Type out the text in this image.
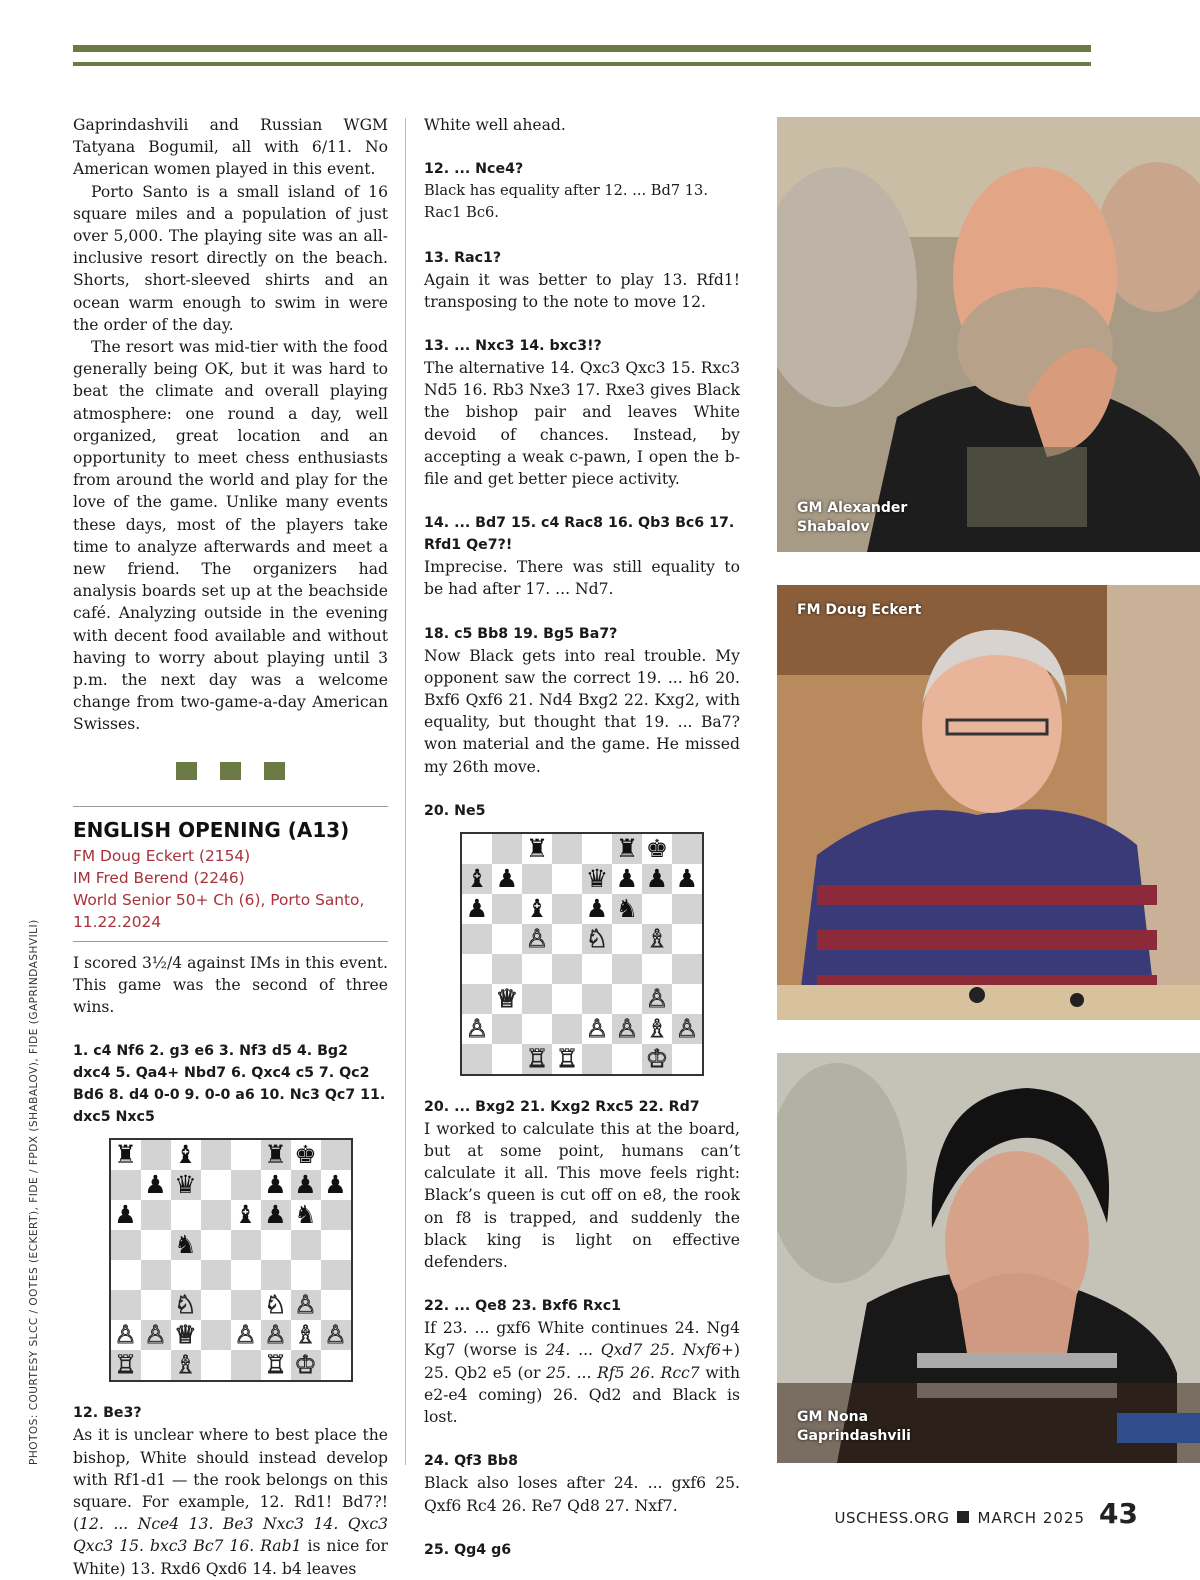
Gaprindashvili and Russian WGM Tatyana Bogumil, all with 6/11. No American women played in this event.

Porto Santo is a small island of 16 square miles and a population of just over 5,000. The playing site was an all-inclusive resort directly on the beach. Shorts, short-sleeved shirts and an ocean warm enough to swim in were the order of the day.

The resort was mid-tier with the food generally being OK, but it was hard to beat the climate and overall playing atmosphere: one round a day, well organized, great location and an opportunity to meet chess enthusiasts from around the world and play for the love of the game. Unlike many events these days, most of the players take time to analyze afterwards and meet a new friend. The organizers had analysis boards set up at the beachside café. Analyzing outside in the evening with decent food available and without having to worry about playing until 3 p.m. the next day was a welcome change from two-game-a-day American Swisses.

ENGLISH OPENING (A13)
FM Doug Eckert (2154)
IM Fred Berend (2246)
World Senior 50+ Ch (6), Porto Santo, 11.22.2024

I scored 3½/4 against IMs in this event. This game was the second of three wins.

1. c4 Nf6 2. g3 e6 3. Nf3 d5 4. Bg2 dxc4 5. Qa4+ Nbd7 6. Qxc4 c5 7. Qc2 Bd6 8. d4 0-0 9. 0-0 a6 10. Nc3 Qc7 11. dxc5 Nxc5

♜ ♝	♜ ♚
♟ ♛	♟ ♟ ♟
♟	♝ ♟ ♞
♞
♘	♘ ♙
♙ ♙ ♕ ♙ ♙ ♗ ♙
♖ ♗	♖ ♔

12. Be3?

As it is unclear where to best place the bishop, White should instead develop with Rf1-d1 — the rook belongs on this square. For example, 12. Rd1! Bd7?! (12. ... Nce4 13. Be3 Nxc3 14. Qxc3 Qxc3 15. bxc3 Bc7 16. Rab1 is nice for White) 13. Rxd6 Qxd6 14. b4 leaves

White well ahead.

12. ... Nce4?

Black has equality after 12. ... Bd7 13. Rac1 Bc6.

13. Rac1?

Again it was better to play 13. Rfd1! transposing to the note to move 12.

13. ... Nxc3 14. bxc3!?

The alternative 14. Qxc3 Qxc3 15. Rxc3 Nd5 16. Rb3 Nxe3 17. Rxe3 gives Black the bishop pair and leaves White devoid of chances. Instead, by accepting a weak c-pawn, I open the b-file and get better piece activity.

14. ... Bd7 15. c4 Rac8 16. Qb3 Bc6 17. Rfd1 Qe7?!

Imprecise. There was still equality to be had after 17. ... Nd7.

18. c5 Bb8 19. Bg5 Ba7?

Now Black gets into real trouble. My opponent saw the correct 19. ... h6 20. Bxf6 Qxf6 21. Nd4 Bxg2 22. Kxg2, with equality, but thought that 19. ... Ba7? won material and the game. He missed my 26th move.

20. Ne5

♜	♜ ♚
♝ ♟	♛ ♟ ♟ ♟
♟ ♝ ♟ ♞
♙ ♘ ♗
♕	♙
♙	♙ ♙ ♗ ♙
♖ ♖	♔

20. ... Bxg2 21. Kxg2 Rxc5 22. Rd7

I worked to calculate this at the board, but at some point, humans can’t calculate it all. This move feels right: Black’s queen is cut off on e8, the rook on f8 is trapped, and suddenly the black king is light on effective defenders.

22. ... Qe8 23. Bxf6 Rxc1

If 23. ... gxf6 White continues 24. Ng4 Kg7 (worse is 24. ... Qxd7 25. Nxf6+) 25. Qb2 e5 (or 25. ... Rf5 26. Rcc7 with e2-e4 coming) 26. Qd2 and Black is lost.

24. Qf3 Bb8

Black also loses after 24. ... gxf6 25. Qxf6 Rc4 26. Re7 Qd8 27. Nxf7.

25. Qg4 g6

GM Alexander
Shabalov
FM Doug Eckert
GM Nona
Gaprindashvili
PHOTOS: COURTESY SLCC / OOTES (ECKERT), FIDE / FPDX (SHABALOV), FIDE (GAPRINDASHVILI)
USCHESS.ORG MARCH 2025 43
